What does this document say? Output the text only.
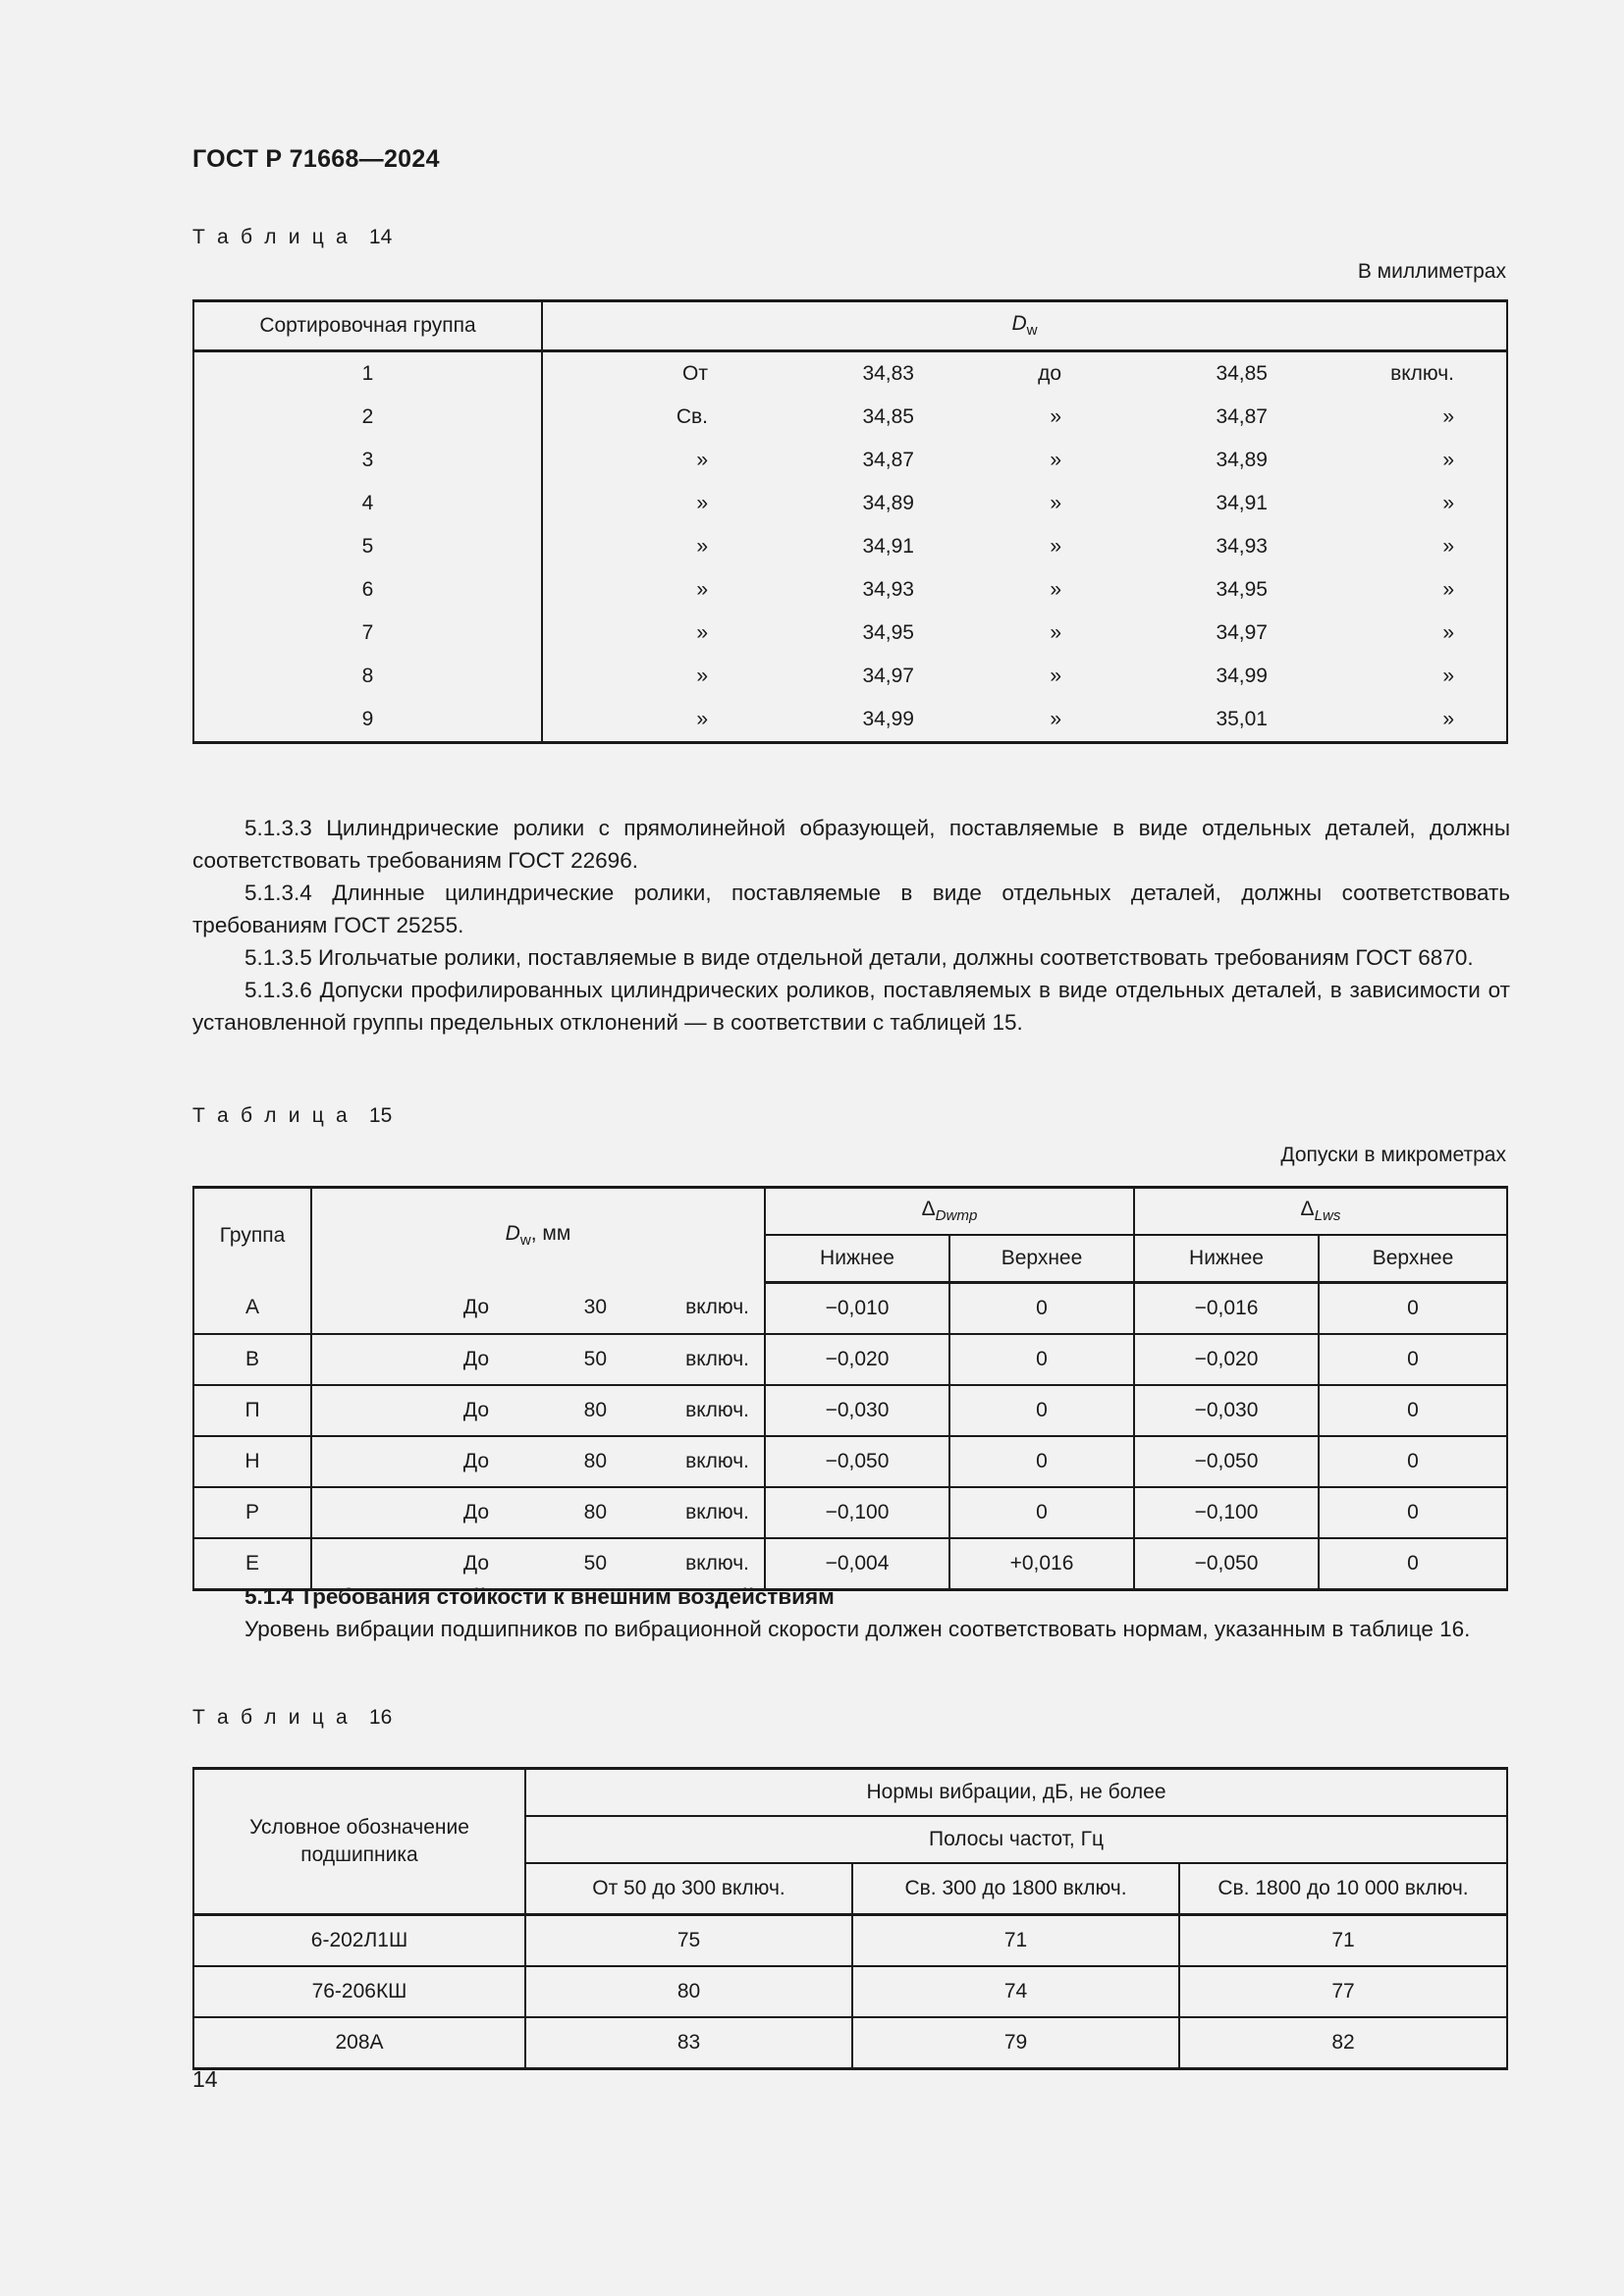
ГОСТ Р 71668—2024
Т а б л и ц а 14
В миллиметрах
Сортировочная группа	$D_w$
1	От 34,83 до 34,85 включ.

2	Св. 34,85 » 34,87 »

3	» 34,87 » 34,89 »

4	» 34,89 » 34,91 »

5	» 34,91 » 34,93 »

6	» 34,93 » 34,95 »

7	» 34,95 » 34,97 »

8	» 34,97 » 34,99 »

9	» 34,99 » 35,01 »

5.1.3.3 Цилиндрические ролики с прямолинейной образующей, поставляемые в виде отдельных деталей, должны соответствовать требованиям ГОСТ 22696.

5.1.3.4 Длинные цилиндрические ролики, поставляемые в виде отдельных деталей, должны соответствовать требованиям ГОСТ 25255.

5.1.3.5 Игольчатые ролики, поставляемые в виде отдельной детали, должны соответствовать требованиям ГОСТ 6870.

5.1.3.6 Допуски профилированных цилиндрических роликов, поставляемых в виде отдельных деталей, в зависимости от установленной группы предельных отклонений — в соответствии с таблицей 15.

Т а б л и ц а 15
Допуски в микрометрах
Группа	$D_w$, мм	$\Delta_{Dwmp}$		$\Delta_{Lws}$
		Нижнее	Верхнее	Нижнее	Верхнее
А	До 30 включ.	−0,010	0	−0,016	0
В	До 50 включ.	−0,020	0	−0,020	0
П	До 80 включ.	−0,030	0	−0,030	0
Н	До 80 включ.	−0,050	0	−0,050	0
Р	До 80 включ.	−0,100	0	−0,100	0
Е	До 50 включ.	−0,004	+0,016	−0,050	0

5.1.4 Требования стойкости к внешним воздействиям

Уровень вибрации подшипников по вибрационной скорости должен соответствовать нормам, указанным в таблице 16.

Т а б л и ц а 16
Условное обозначение
подшипника	Нормы вибрации, дБ, не более		
	Полосы частот, Гц		
	От 50 до 300 включ.	Св. 300 до 1800 включ.	Св. 1800 до 10 000 включ.
6-202Л1Ш	75	71	71
76-206КШ	80	74	77
208А	83	79	82
14
